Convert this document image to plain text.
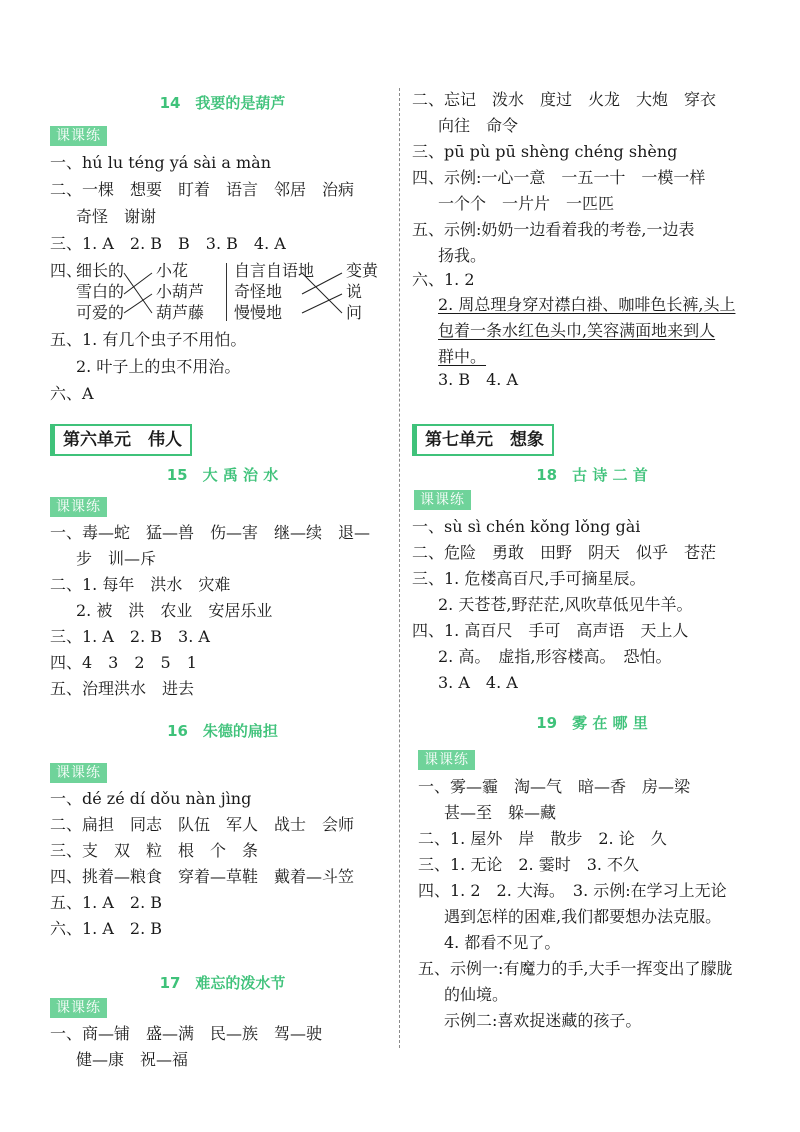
14　我要的是葫芦
课课练
一、hú lu téng yá sài a màn
二、一棵　想要　盯着　语言　邻居　治病
奇怪　谢谢
三、1. A　2. B　B　3. B　4. A
四、
细长的
雪白的
可爱的
小花
小葫芦
葫芦藤
自言自语地
奇怪地
慢慢地
变黄
说
问
五、1. 有几个虫子不用怕。
2. 叶子上的虫不用治。
六、A
第六单元　伟人
15　大 禹 治 水
课课练
一、毒—蛇　猛—兽　伤—害　继—续　退—
步　训—斥
二、1. 每年　洪水　灾难
2. 被　洪　农业　安居乐业
三、1. A　2. B　3. A
四、4　3　2　5　1
五、治理洪水　进去
16　朱德的扁担
课课练
一、dé zé dí dǒu nàn jìng
二、扁担　同志　队伍　军人　战士　会师
三、支　双　粒　根　个　条
四、挑着—粮食　穿着—草鞋　戴着—斗笠
五、1. A　2. B
六、1. A　2. B
17　难忘的泼水节
课课练
一、商—铺　盛—满　民—族　驾—驶
健—康　祝—福
二、忘记　泼水　度过　火龙　大炮　穿衣
向往　命令
三、pū pù pū shèng chéng shèng
四、示例:一心一意　一五一十　一模一样
一个个　一片片　一匹匹
五、示例:奶奶一边看着我的考卷,一边表
扬我。
六、1. 2
2. 周总理身穿对襟白褂、咖啡色长裤,头上
包着一条水红色头巾,笑容满面地来到人
群中。
3. B　4. A
第七单元　想象
18　古 诗 二 首
课课练
一、sù sì chén kǒng lǒng gài
二、危险　勇敢　田野　阴天　似乎　苍茫
三、1. 危楼高百尺,手可摘星辰。
2. 天苍苍,野茫茫,风吹草低见牛羊。
四、1. 高百尺　手可　高声语　天上人
2. 高。　虚指,形容楼高。　恐怕。
3. A　4. A
19　雾 在 哪 里
课课练
一、雾—霾　淘—气　暗—香　房—梁
甚—至　躲—藏
二、1. 屋外　岸　散步　2. 论　久
三、1. 无论　2. 霎时　3. 不久
四、1. 2　2. 大海。　3. 示例:在学习上无论
遇到怎样的困难,我们都要想办法克服。
4. 都看不见了。
五、示例一:有魔力的手,大手一挥变出了朦胧
的仙境。
示例二:喜欢捉迷藏的孩子。
